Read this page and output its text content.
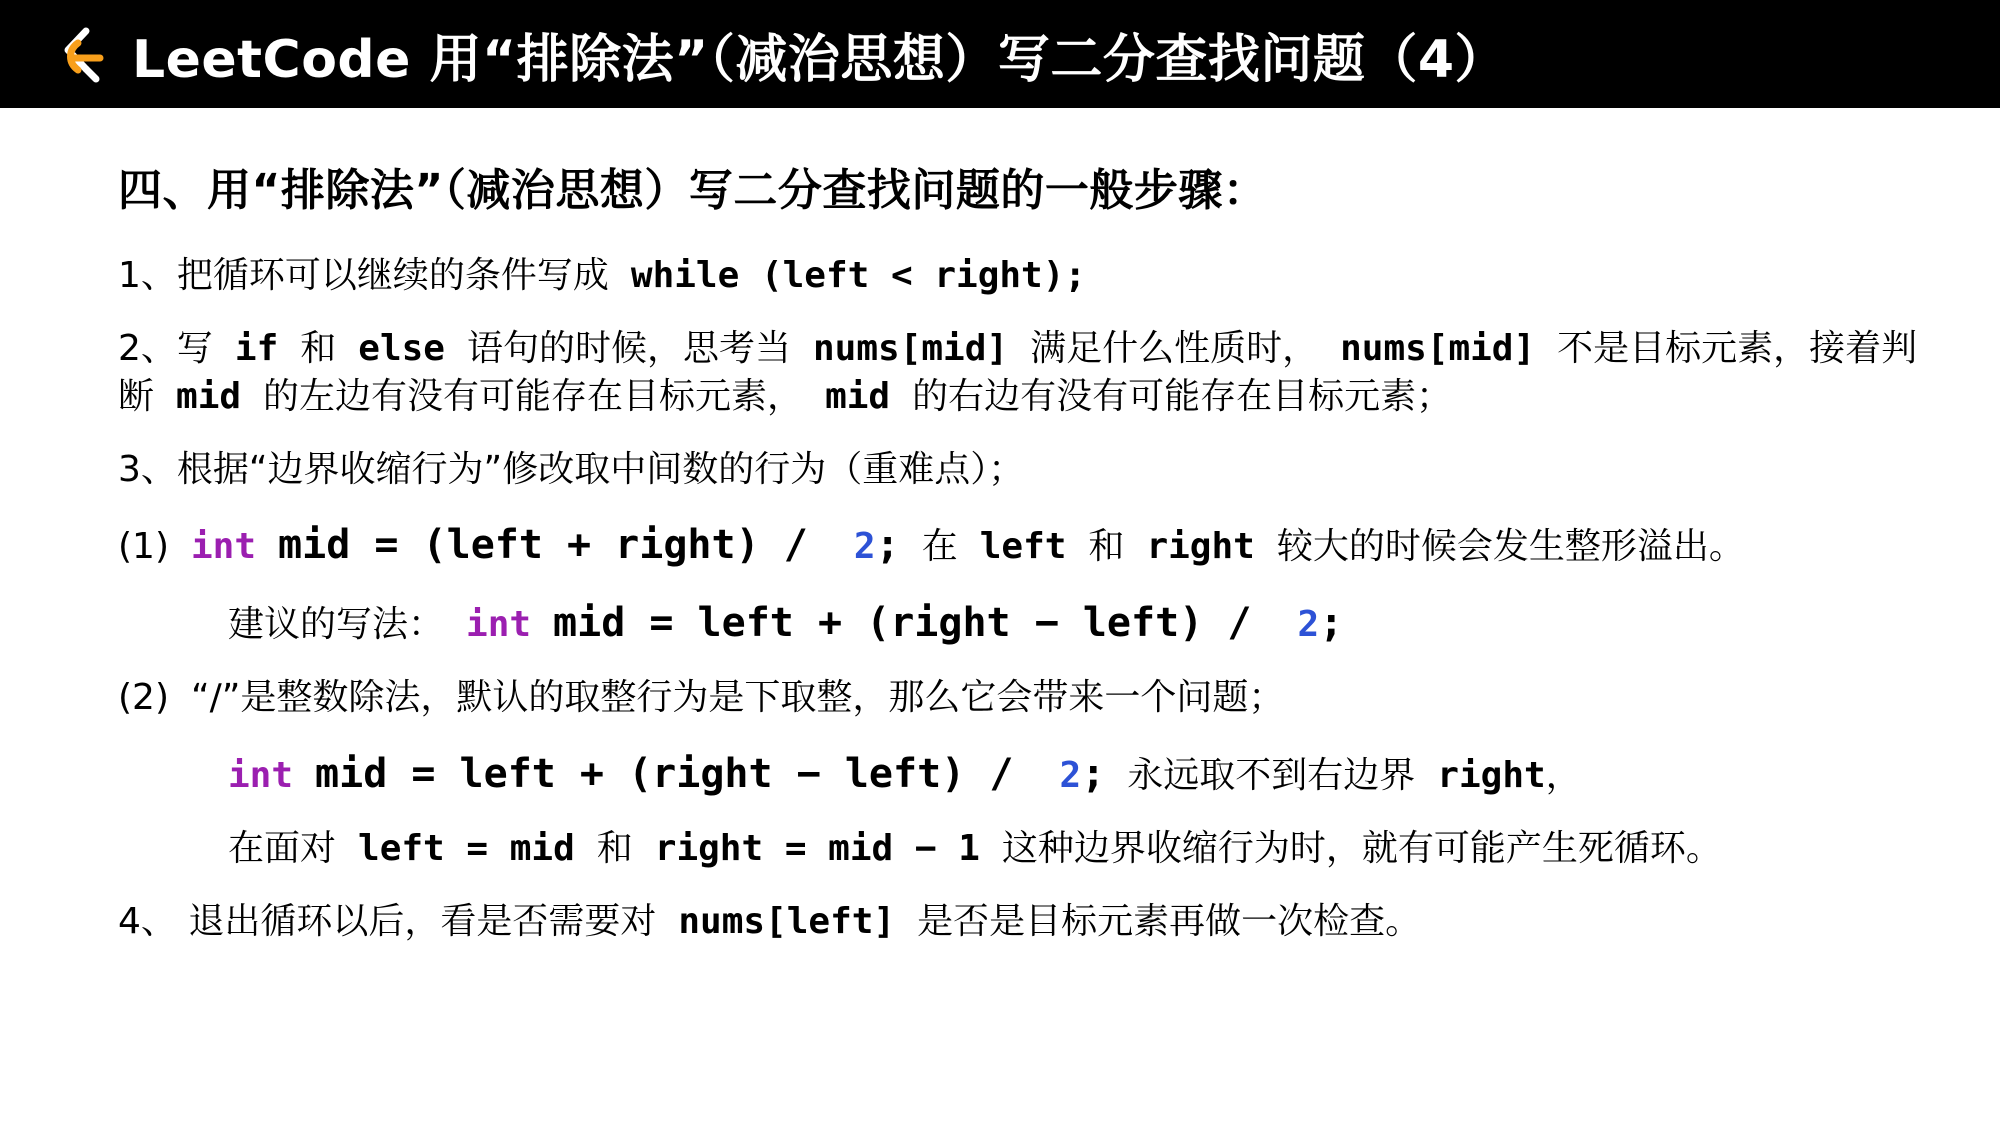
LeetCode 用“排除法”（减治思想）写二分查找问题（4）
四、用“排除法”（减治思想）写二分查找问题的一般步骤：
1、把循环可以继续的条件写成 while (left < right);
2、写 if 和 else 语句的时候，思考当 nums[mid] 满足什么性质时， nums[mid] 不是目标元素，接着判断 mid 的左边有没有可能存在目标元素， mid 的右边有没有可能存在目标元素；
3、根据“边界收缩行为”修改取中间数的行为（重难点）；
(1) int mid = (left + right) / 2; 在 left 和 right 较大的时候会发生整形溢出。
建议的写法： int mid = left + (right − left) / 2;
(2) “/”是整数除法，默认的取整行为是下取整，那么它会带来一个问题；
int mid = left + (right − left) / 2; 永远取不到右边界 right，
在面对 left = mid 和 right = mid − 1 这种边界收缩行为时，就有可能产生死循环。
4、 退出循环以后，看是否需要对 nums[left] 是否是目标元素再做一次检查。
